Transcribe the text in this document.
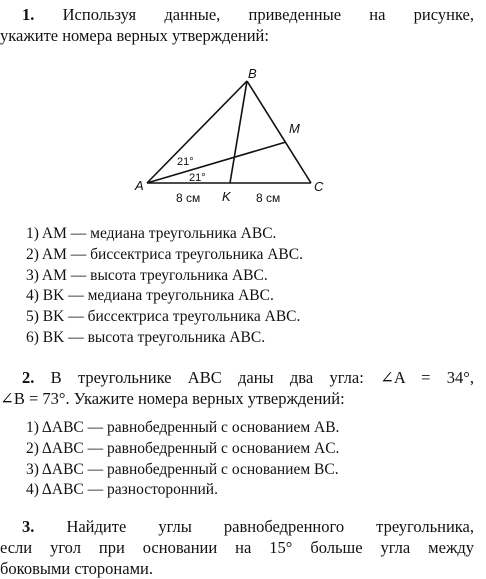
1. Используя данные, приведенные на рисунке,
укажите номера верных утверждений:
A
B
C
K
M
21°
21°
8 см	8 см
1) AM — медиана треугольника ABC.
2) AM — биссектриса треугольника ABC.
3) AM — высота треугольника ABC.
4) BK — медиана треугольника ABC.
5) BK — биссектриса треугольника ABC.
6) BK — высота треугольника ABC.
2. В треугольнике ABC даны два угла: ∠A = 34°,
∠B = 73°. Укажите номера верных утверждений:
1) ΔABC — равнобедренный с основанием AB.
2) ΔABC — равнобедренный с основанием AC.
3) ΔABC — равнобедренный с основанием BC.
4) ΔABC — разносторонний.
3. Найдите углы равнобедренного треугольника,
если угол при основании на 15° больше угла между
боковыми сторонами.
